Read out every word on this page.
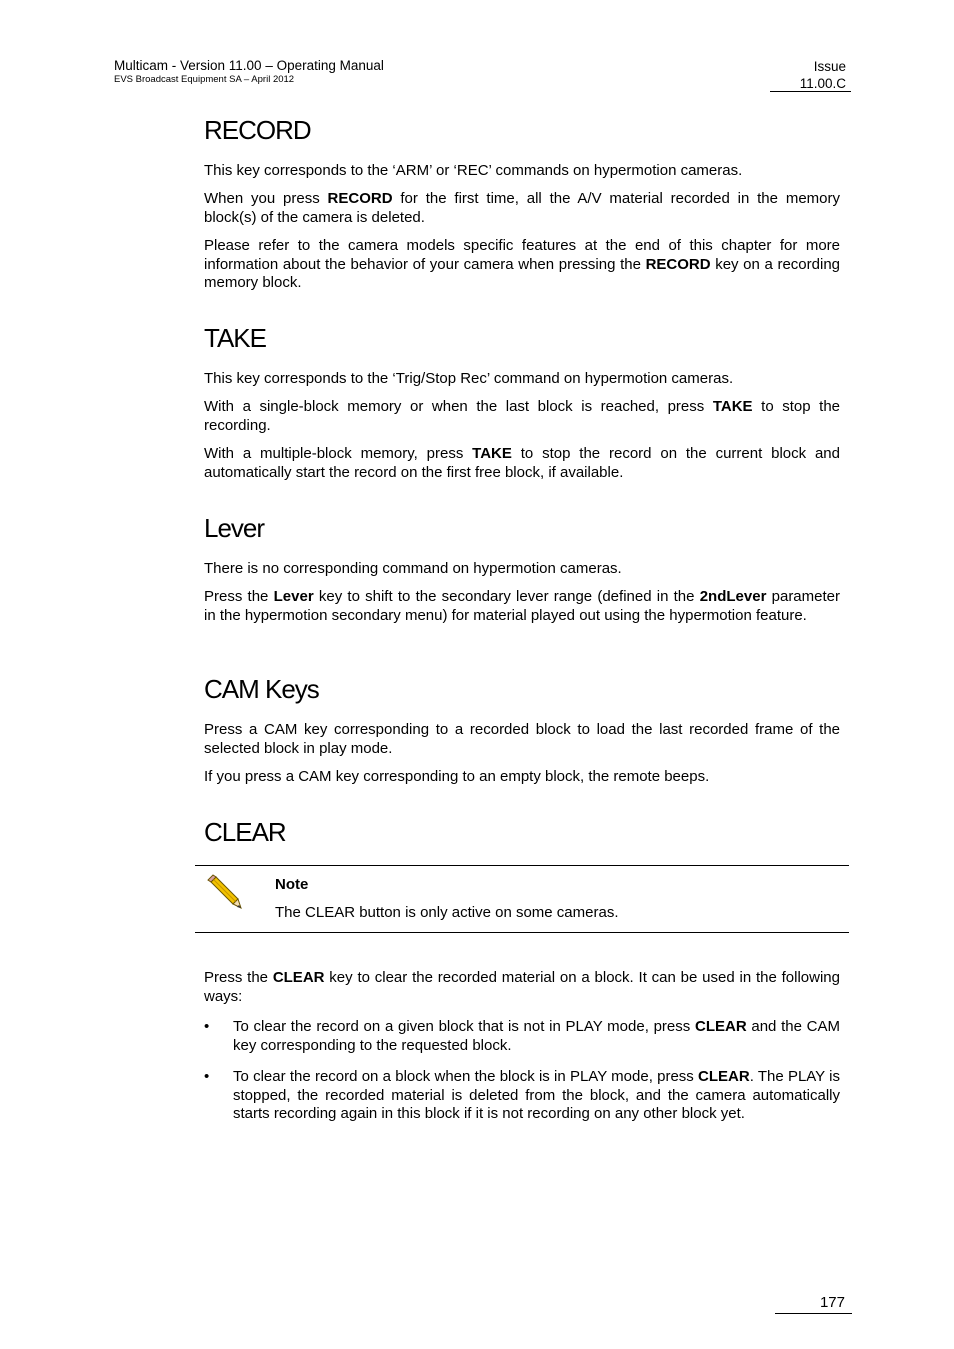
Multicam - Version 11.00 – Operating Manual
EVS Broadcast Equipment SA – April 2012
Issue
11.00.C
RECORD

This key corresponds to the ‘ARM’ or ‘REC’ commands on hypermotion cameras.

When you press RECORD for the first time, all the A/V material recorded in the memory block(s) of the camera is deleted.

Please refer to the camera models specific features at the end of this chapter for more information about the behavior of your camera when pressing the RECORD key on a recording memory block.

TAKE

This key corresponds to the ‘Trig/Stop Rec’ command on hypermotion cameras.

With a single-block memory or when the last block is reached, press TAKE to stop the recording.

With a multiple-block memory, press TAKE to stop the record on the current block and automatically start the record on the first free block, if available.

Lever

There is no corresponding command on hypermotion cameras.

Press the Lever key to shift to the secondary lever range (defined in the 2ndLever parameter in the hypermotion secondary menu) for material played out using the hypermotion feature.

CAM Keys

Press a CAM key corresponding to a recorded block to load the last recorded frame of the selected block in play mode.

If you press a CAM key corresponding to an empty block, the remote beeps.

CLEAR
Note
The CLEAR button is only active on some cameras.

Press the CLEAR key to clear the recorded material on a block. It can be used in the following ways:

• To clear the record on a given block that is not in PLAY mode, press CLEAR and the CAM key corresponding to the requested block.
• To clear the record on a block when the block is in PLAY mode, press CLEAR. The PLAY is stopped, the recorded material is deleted from the block, and the camera automatically starts recording again in this block if it is not recording on any other block yet.
177
